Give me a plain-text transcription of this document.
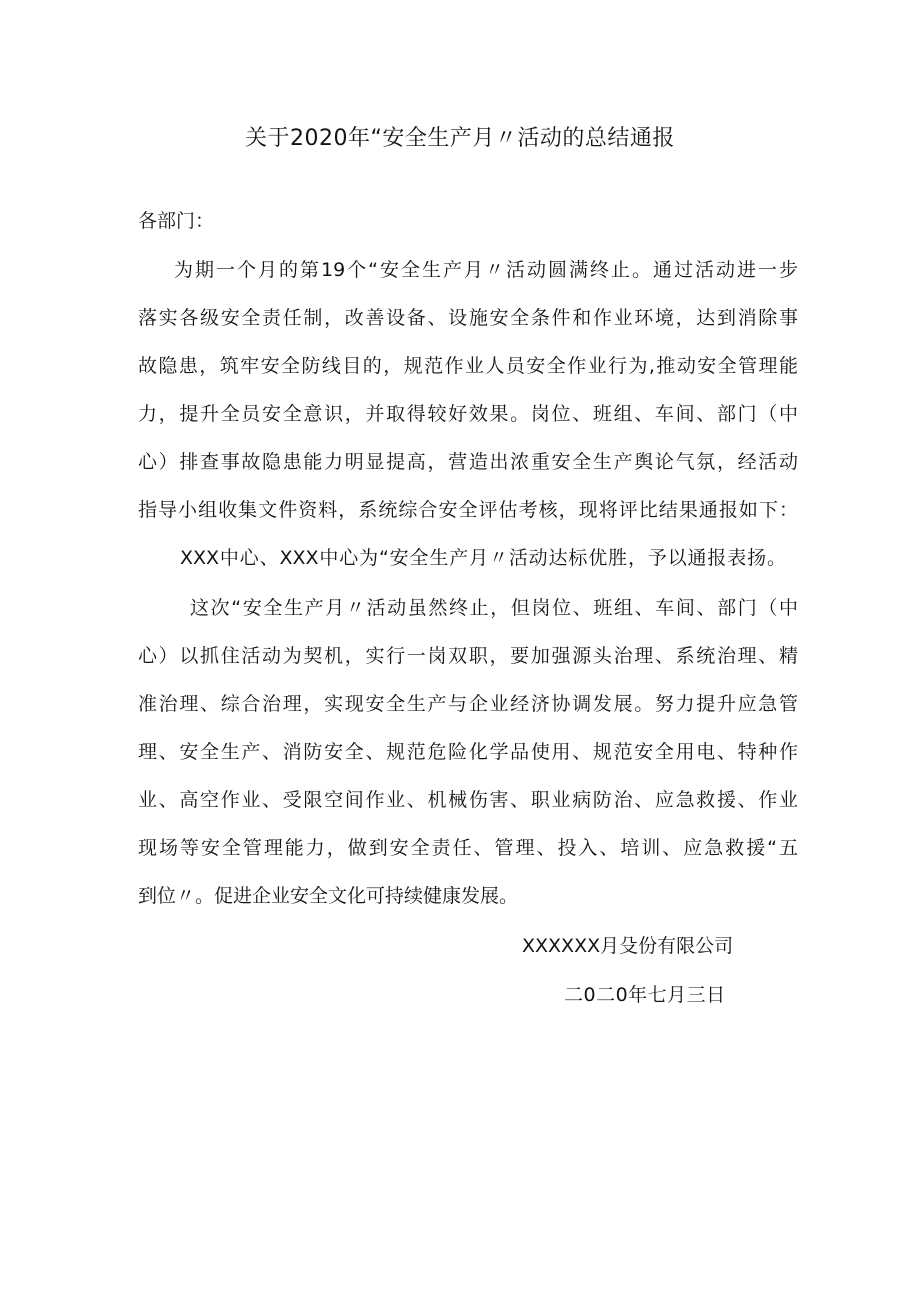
关于2020年“安全生产月〃活动的总结通报
各部门：
为期一个月的第19个“安全生产月〃活动圆满终止。通过活动进一步
落实各级安全责任制，改善设备、设施安全条件和作业环境，达到消除事
故隐患，筑牢安全防线目的，规范作业人员安全作业行为,推动安全管理能
力，提升全员安全意识，并取得较好效果。岗位、班组、车间、部门（中
心）排查事故隐患能力明显提高，营造出浓重安全生产舆论气氛，经活动
指导小组收集文件资料，系统综合安全评估考核，现将评比结果通报如下：
XXX中心、XXX中心为“安全生产月〃活动达标优胜，予以通报表扬。
这次“安全生产月〃活动虽然终止，但岗位、班组、车间、部门（中
心）以抓住活动为契机，实行一岗双职，要加强源头治理、系统治理、精
准治理、综合治理，实现安全生产与企业经济协调发展。努力提升应急管
理、安全生产、消防安全、规范危险化学品使用、规范安全用电、特种作
业、高空作业、受限空间作业、机械伤害、职业病防治、应急救援、作业
现场等安全管理能力，做到安全责任、管理、投入、培训、应急救援“五
到位〃。促进企业安全文化可持续健康发展。
XXXXXX月殳份有限公司
二0二0年七月三日
